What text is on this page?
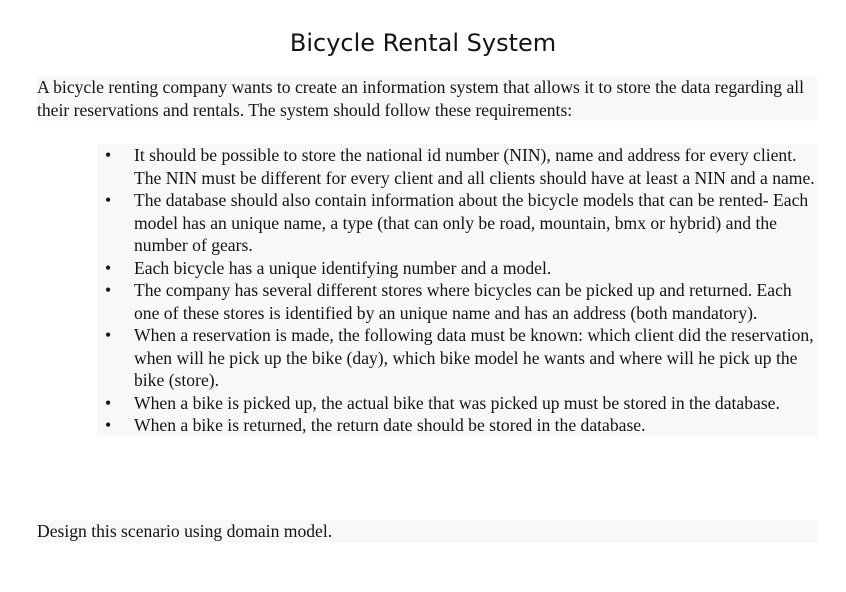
Bicycle Rental System

A bicycle renting company wants to create an information system that allows it to store the data regarding all their reservations and rentals. The system should follow these requirements:

• It should be possible to store the national id number (NIN), name and address for every client. The NIN must be different for every client and all clients should have at least a NIN and a name.
• The database should also contain information about the bicycle models that can be rented- Each model has an unique name, a type (that can only be road, mountain, bmx or hybrid) and the number of gears.
• Each bicycle has a unique identifying number and a model.
• The company has several different stores where bicycles can be picked up and returned. Each one of these stores is identified by an unique name and has an address (both mandatory).
• When a reservation is made, the following data must be known: which client did the reservation, when will he pick up the bike (day), which bike model he wants and where will he pick up the bike (store).
• When a bike is picked up, the actual bike that was picked up must be stored in the database.
• When a bike is returned, the return date should be stored in the database.

Design this scenario using domain model.
